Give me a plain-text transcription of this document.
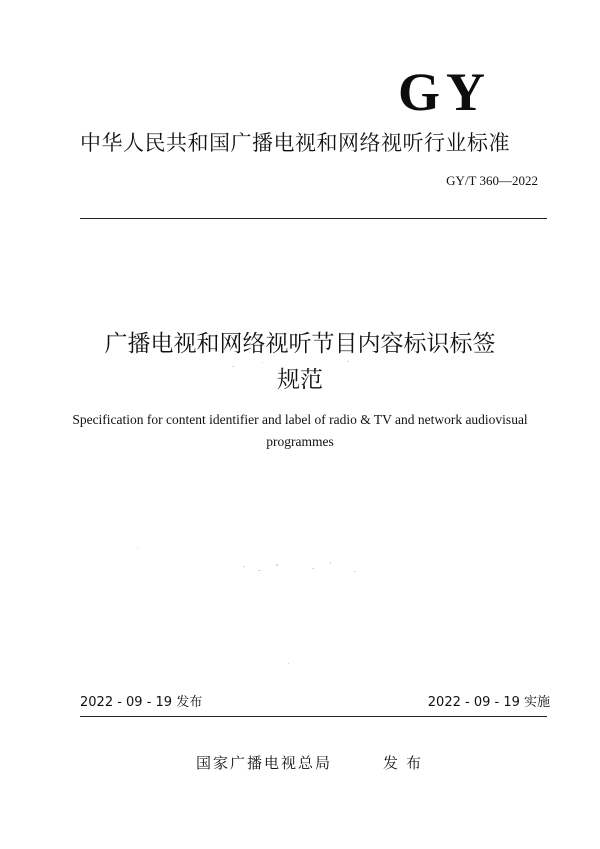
GY
中华人民共和国广播电视和网络视听行业标准
GY/T 360—2022
广播电视和网络视听节目内容标识标签
规范
Specification for content identifier and label of radio & TV and network audiovisual
programmes
2022 - 09 - 19 发布	2022 - 09 - 19 实施
国家广播电视总局	发布
